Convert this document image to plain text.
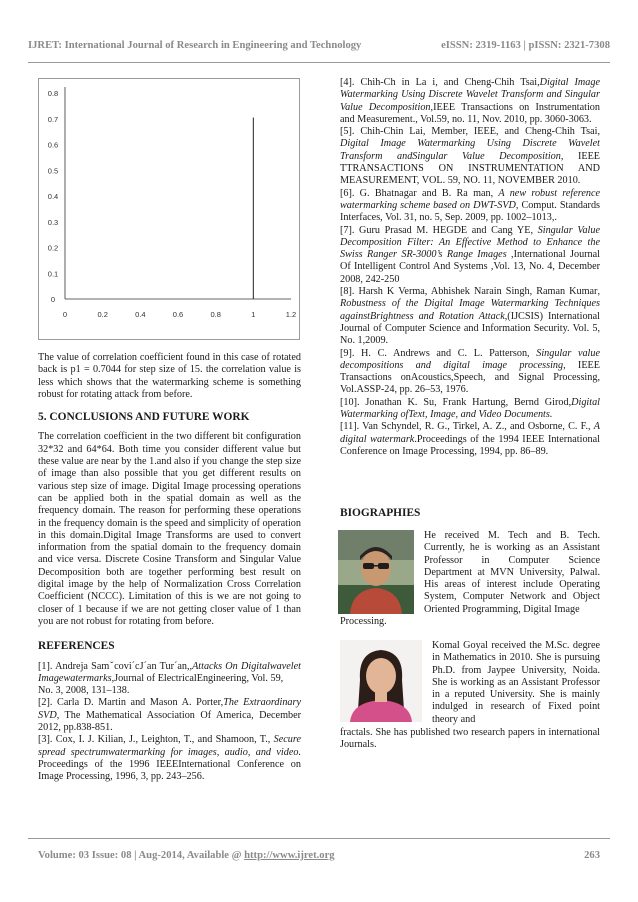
IJRET: International Journal of Research in Engineering and Technology	eISSN: 2319-1163 | pISSN: 2321-7308
0
0.1
0.2
0.3
0.4
0.5
0.6
0.7
0.8
0	0.2	0.4	0.6	0.8	1	1.2

The value of correlation coefficient found in this case of rotated back is p1 = 0.7044 for step size of 15. the correlation value is less which shows that the watermarking scheme is something robust for rotating attack from before.

5. CONCLUSIONS AND FUTURE WORK

The correlation coefficient in the two different bit configuration 32*32 and 64*64. Both time you consider different value but these value are near by the 1.and also if you change the step size of image than also possible that you get different results on various step size of image. Digital Image processing operations can be applied both in the spatial domain as well as the frequency domain. The reason for performing these operations in the frequency domain is the speed and simplicity of operation in this domain.Digital Image Transforms are used to convert information from the spatial domain to the frequency domain and vice versa. Discrete Cosine Transform and Singular Value Decomposition both are together performing best result on digital image by the help of Normalization Cross Correlation Coefficient (NCCC). Limitation of this is we are not going to closer of 1 because if we are not getting closer value of 1 than you are not robust for rotating from before.

REFERENCES

[1]. Andreja Samˇcovi´cJ´an Tur´an,,Attacks On Digitalwavelet Imagewatermarks,Journal of ElectricalEngineering, Vol. 59,

No. 3, 2008, 131–138.

[2]. Carla D. Martin and Mason A. Porter,The Extraordinary SVD, The Mathematical Association Of America, December 2012, pp.838-851.

[3]. Cox, I. J. Kilian, J., Leighton, T., and Shamoon, T., Secure spread spectrumwatermarking for images, audio, and video. Proceedings of the 1996 IEEEInternational Conference on Image Processing, 1996, 3, pp. 243–256.

[4]. Chih-Ch in La i, and Cheng-Chih Tsai,Digital Image Watermarking Using Discrete Wavelet Transform and Singular Value Decomposition,IEEE Transactions on Instrumentation and Measurement., Vol.59, no. 11, Nov. 2010, pp. 3060-3063.

[5]. Chih-Chin Lai, Member, IEEE, and Cheng-Chih Tsai, Digital Image Watermarking Using Discrete Wavelet Transform andSingular Value Decomposition, IEEE TTRANSACTIONS ON INSTRUMENTATION AND MEASUREMENT, VOL. 59, NO. 11, NOVEMBER 2010.

[6]. G. Bhatnagar and B. Ra man, A new robust reference watermarking scheme based on DWT-SVD, Comput. Standards Interfaces, Vol. 31, no. 5, Sep. 2009, pp. 1002–1013,.

[7]. Guru Prasad M. HEGDE and Cang YE, Singular Value Decomposition Filter: An Effective Method to Enhance the Swiss Ranger SR-3000’s Range Images ,International Journal Of Intelligent Control And Systems ,Vol. 13, No. 4, December 2008, 242-250

[8]. Harsh K Verma, Abhishek Narain Singh, Raman Kumar, Robustness of the Digital Image Watermarking Techniques againstBrightness and Rotation Attack,(IJCSIS) International Journal of Computer Science and Information Security. Vol. 5, No. 1,2009.

[9]. H. C. Andrews and C. L. Patterson, Singular value decompositions and digital image processing, IEEE Transactions onAcoustics,Speech, and Signal Processing, Vol.ASSP-24, pp. 26–53, 1976.

[10]. Jonathan K. Su, Frank Hartung, Bernd Girod,Digital Watermarking ofText, Image, and Video Documents.

[11]. Van Schyndel, R. G., Tirkel, A. Z., and Osborne, C. F., A digital watermark.Proceedings of the 1994 IEEE International Conference on Image Processing, 1994, pp. 86–89.

BIOGRAPHIES
He received M. Tech and B. Tech. Currently, he is working as an Assistant Professor in Computer Science Department at MVN University, Palwal. His areas of interest include Operating System, Computer Network and Object Oriented Programming, Digital Image
Processing.
Komal Goyal received the M.Sc. degree in Mathematics in 2010. She is pursuing Ph.D. from Jaypee University, Noida. She is working as an Assistant Professor in a reputed University. She is mainly indulged in research of Fixed point theory and
fractals. She has published two research papers in international Journals.
Volume: 03 Issue: 08 | Aug-2014, Available @ http://www.ijret.org	263
